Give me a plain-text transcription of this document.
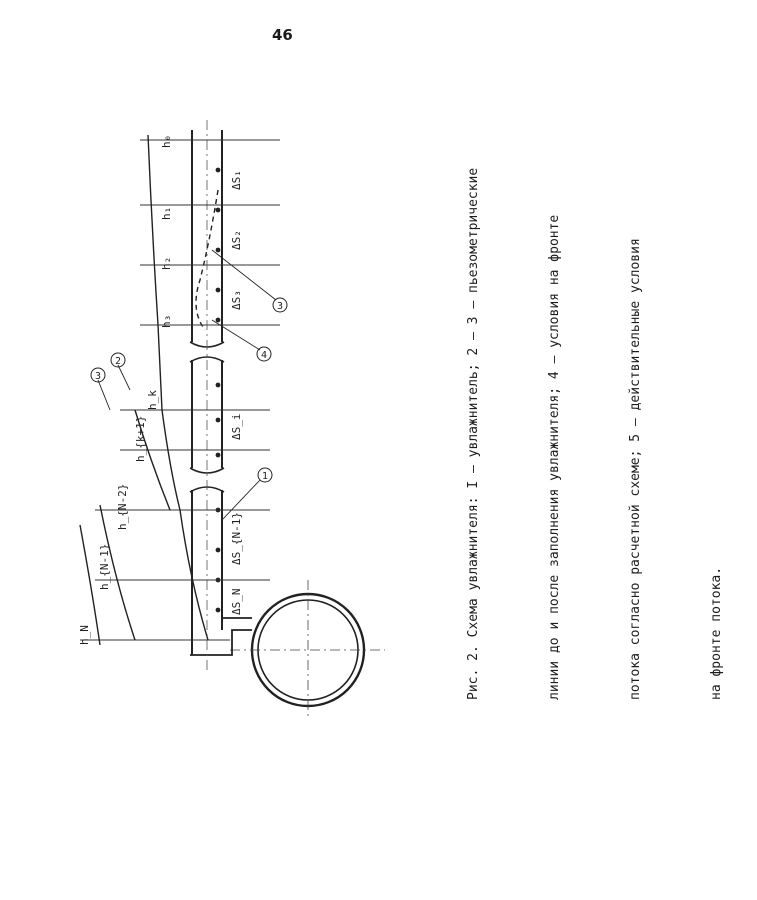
46
h₀
h₁
h₂
h₃
h_{k+1}
h_k
h_{N-2}
h_{N-1}
h_N
ΔS₁
ΔS₂
ΔS₃
ΔS_i
ΔS_{N-1}
ΔS_N
1
2
3
3
4

	Рис. 2. Схема увлажнителя: I – увлажнитель; 2 – 3 – пьезометрические

	линии до и после заполнения увлажнителя; 4 – условия на фронте

	потока согласно расчетной схеме; 5 – действительные условия

	на фронте потока.
